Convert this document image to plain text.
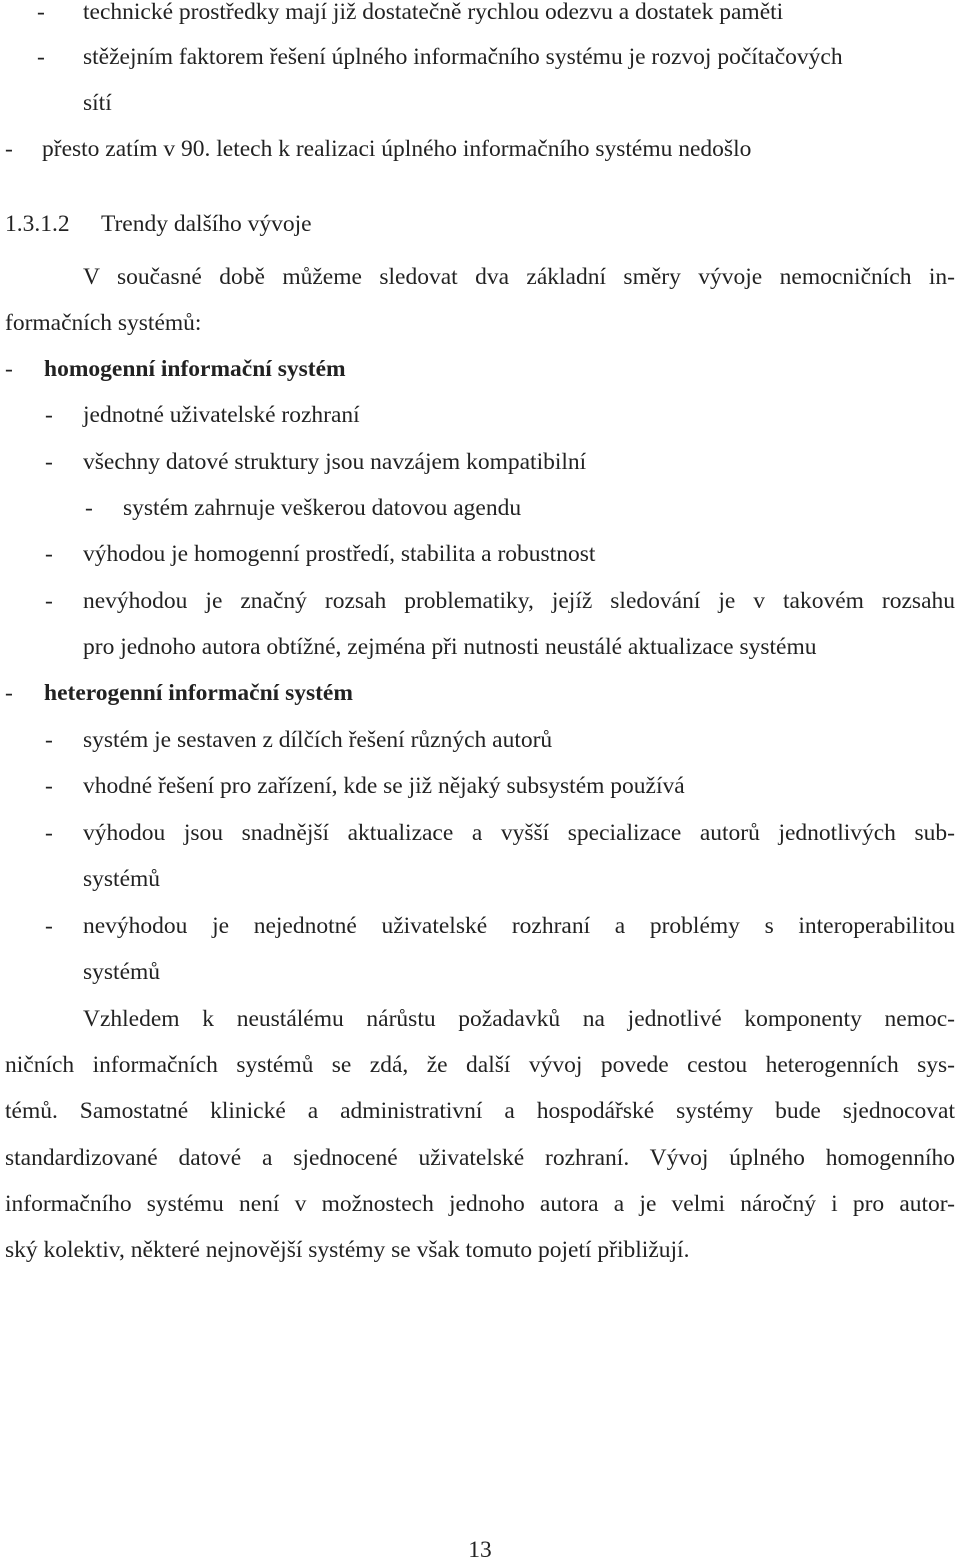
- technické prostředky mají již dostatečně rychlou odezvu a dostatek paměti
- stěžejním faktorem řešení úplného informačního systému je rozvoj počítačových
sítí
- přesto zatím v 90. letech k realizaci úplného informačního systému nedošlo
1.3.1.2 Trendy dalšího vývoje
V současné době můžeme sledovat dva základní směry vývoje nemocničních in-
formačních systémů:
- homogenní informační systém
- jednotné uživatelské rozhraní
- všechny datové struktury jsou navzájem kompatibilní
- systém zahrnuje veškerou datovou agendu
- výhodou je homogenní prostředí, stabilita a robustnost
- nevýhodou je značný rozsah problematiky, jejíž sledování je v takovém rozsahu
pro jednoho autora obtížné, zejména při nutnosti neustálé aktualizace systému
- heterogenní informační systém
- systém je sestaven z dílčích řešení různých autorů
- vhodné řešení pro zařízení, kde se již nějaký subsystém používá
- výhodou jsou snadnější aktualizace a vyšší specializace autorů jednotlivých sub-
systémů
- nevýhodou je nejednotné uživatelské rozhraní a problémy s interoperabilitou
systémů
Vzhledem k neustálému nárůstu požadavků na jednotlivé komponenty nemoc-
ničních informačních systémů se zdá, že další vývoj povede cestou heterogenních sys-
témů. Samostatné klinické a administrativní a hospodářské systémy bude sjednocovat
standardizované datové a sjednocené uživatelské rozhraní. Vývoj úplného homogenního
informačního systému není v možnostech jednoho autora a je velmi náročný i pro autor-
ský kolektiv, některé nejnovější systémy se však tomuto pojetí přibližují.
13
